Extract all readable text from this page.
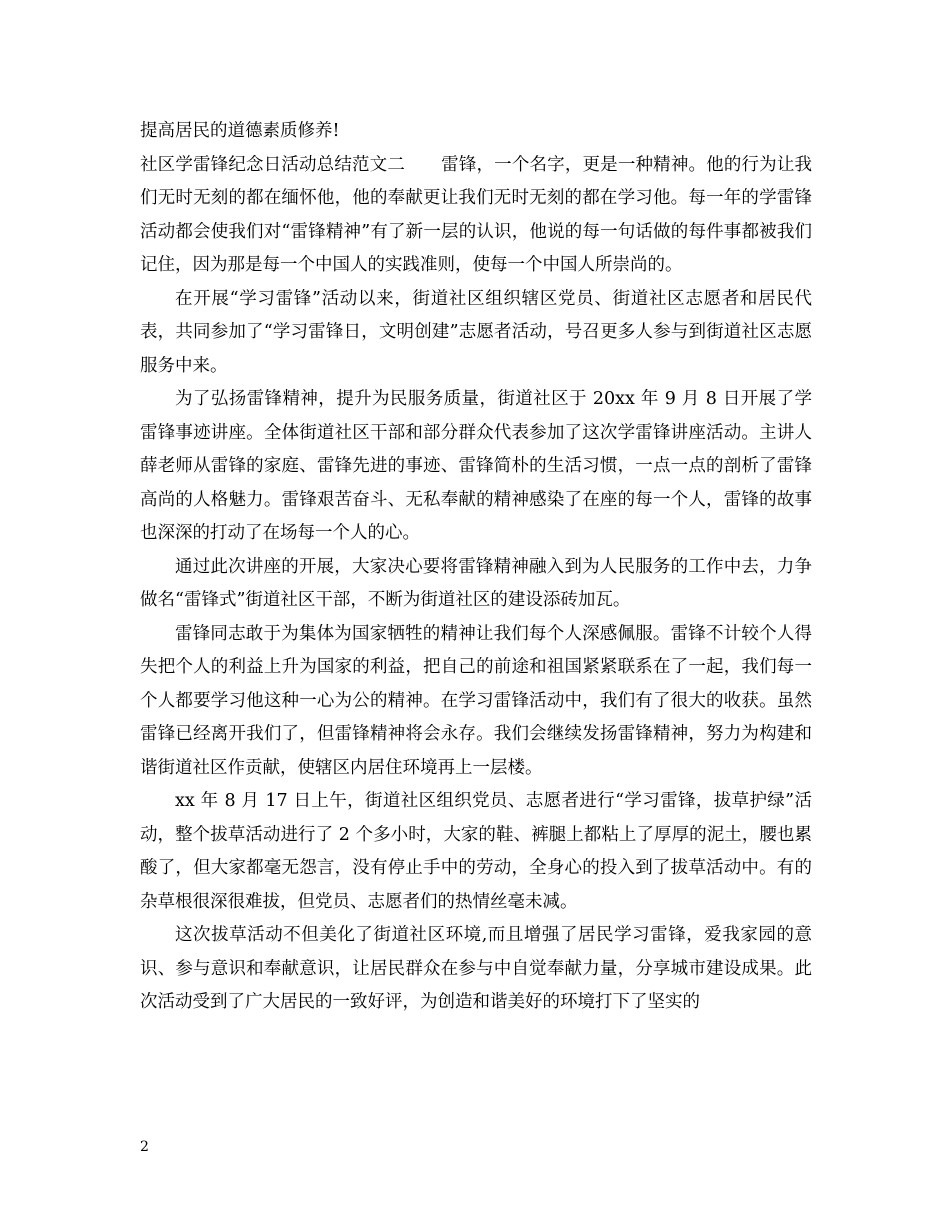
提高居民的道德素质修养!

社区学雷锋纪念日活动总结范文二 雷锋，一个名字，更是一种精神。他的行为让我们无时无刻的都在缅怀他，他的奉献更让我们无时无刻的都在学习他。每一年的学雷锋活动都会使我们对“雷锋精神”有了新一层的认识，他说的每一句话做的每件事都被我们记住，因为那是每一个中国人的实践准则，使每一个中国人所崇尚的。

在开展“学习雷锋”活动以来，街道社区组织辖区党员、街道社区志愿者和居民代表，共同参加了“学习雷锋日，文明创建”志愿者活动，号召更多人参与到街道社区志愿服务中来。

为了弘扬雷锋精神，提升为民服务质量，街道社区于 20xx 年 9 月 8 日开展了学雷锋事迹讲座。全体街道社区干部和部分群众代表参加了这次学雷锋讲座活动。主讲人薛老师从雷锋的家庭、雷锋先进的事迹、雷锋简朴的生活习惯，一点一点的剖析了雷锋高尚的人格魅力。雷锋艰苦奋斗、无私奉献的精神感染了在座的每一个人，雷锋的故事也深深的打动了在场每一个人的心。

通过此次讲座的开展，大家决心要将雷锋精神融入到为人民服务的工作中去，力争做名“雷锋式”街道社区干部，不断为街道社区的建设添砖加瓦。

雷锋同志敢于为集体为国家牺牲的精神让我们每个人深感佩服。雷锋不计较个人得失把个人的利益上升为国家的利益，把自己的前途和祖国紧紧联系在了一起，我们每一个人都要学习他这种一心为公的精神。在学习雷锋活动中，我们有了很大的收获。虽然雷锋已经离开我们了，但雷锋精神将会永存。我们会继续发扬雷锋精神，努力为构建和谐街道社区作贡献，使辖区内居住环境再上一层楼。

xx 年 8 月 17 日上午，街道社区组织党员、志愿者进行“学习雷锋，拔草护绿”活动，整个拔草活动进行了 2 个多小时，大家的鞋、裤腿上都粘上了厚厚的泥土，腰也累酸了，但大家都毫无怨言，没有停止手中的劳动，全身心的投入到了拔草活动中。有的杂草根很深很难拔，但党员、志愿者们的热情丝毫未减。

这次拔草活动不但美化了街道社区环境,而且增强了居民学习雷锋，爱我家园的意识、参与意识和奉献意识，让居民群众在参与中自觉奉献力量，分享城市建设成果。此次活动受到了广大居民的一致好评，为创造和谐美好的环境打下了坚实的

2
